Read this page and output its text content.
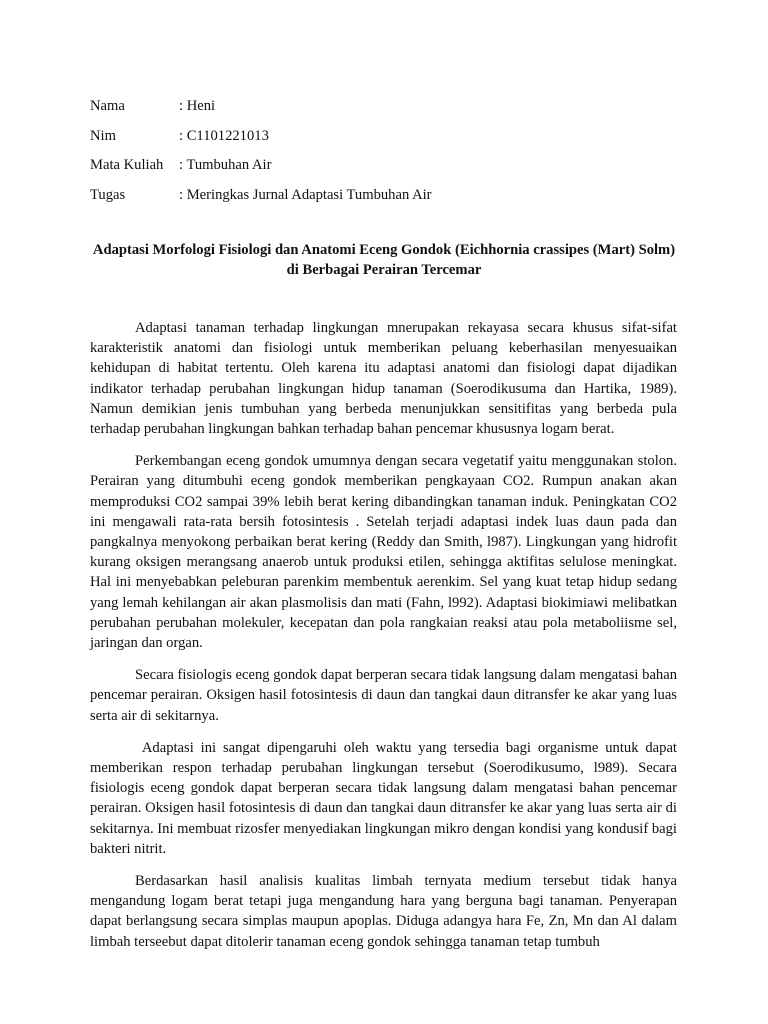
Nama	: Heni
Nim	: C1101221013
Mata Kuliah	: Tumbuhan Air
Tugas	: Meringkas Jurnal Adaptasi Tumbuhan Air
Adaptasi Morfologi Fisiologi dan Anatomi Eceng Gondok (Eichhornia crassipes (Mart) Solm) di Berbagai Perairan Tercemar

Adaptasi tanaman terhadap lingkungan mnerupakan rekayasa secara khusus sifat-sifat karakteristik anatomi dan fisiologi untuk memberikan peluang keberhasilan menyesuaikan kehidupan di habitat tertentu. Oleh karena itu adaptasi anatomi dan fisiologi dapat dijadikan indikator terhadap perubahan lingkungan hidup tanaman (Soerodikusuma dan Hartika, 1989). Namun demikian jenis tumbuhan yang berbeda menunjukkan sensitifitas yang berbeda pula terhadap perubahan lingkungan bahkan terhadap bahan pencemar khususnya logam berat.

Perkembangan eceng gondok umumnya dengan secara vegetatif yaitu menggunakan stolon. Perairan yang ditumbuhi eceng gondok memberikan pengkayaan CO2. Rumpun anakan akan memproduksi CO2 sampai 39% lebih berat kering dibandingkan tanaman induk. Peningkatan CO2 ini mengawali rata-rata bersih fotosintesis . Setelah terjadi adaptasi indek luas daun pada dan pangkalnya menyokong perbaikan berat kering (Reddy dan Smith, l987). Lingkungan yang hidrofit kurang oksigen merangsang anaerob untuk produksi etilen, sehingga aktifitas selulose meningkat. Hal ini menyebabkan peleburan parenkim membentuk aerenkim. Sel yang kuat tetap hidup sedang yang lemah kehilangan air akan plasmolisis dan mati (Fahn, l992). Adaptasi biokimiawi melibatkan perubahan perubahan molekuler, kecepatan dan pola rangkaian reaksi atau pola metaboliisme sel, jaringan dan organ.

Secara fisiologis eceng gondok dapat berperan secara tidak langsung dalam mengatasi bahan pencemar perairan. Oksigen hasil fotosintesis di daun dan tangkai daun ditransfer ke akar yang luas serta air di sekitarnya.

Adaptasi ini sangat dipengaruhi oleh waktu yang tersedia bagi organisme untuk dapat memberikan respon terhadap perubahan lingkungan tersebut (Soerodikusumo, l989). Secara fisiologis eceng gondok dapat berperan secara tidak langsung dalam mengatasi bahan pencemar perairan. Oksigen hasil fotosintesis di daun dan tangkai daun ditransfer ke akar yang luas serta air di sekitarnya. Ini membuat rizosfer menyediakan lingkungan mikro dengan kondisi yang kondusif bagi bakteri nitrit.

Berdasarkan hasil analisis kualitas limbah ternyata medium tersebut tidak hanya mengandung logam berat tetapi juga mengandung hara yang berguna bagi tanaman. Penyerapan dapat berlangsung secara simplas maupun apoplas. Diduga adangya hara Fe, Zn, Mn dan Al dalam limbah terseebut dapat ditolerir tanaman eceng gondok sehingga tanaman tetap tumbuh
